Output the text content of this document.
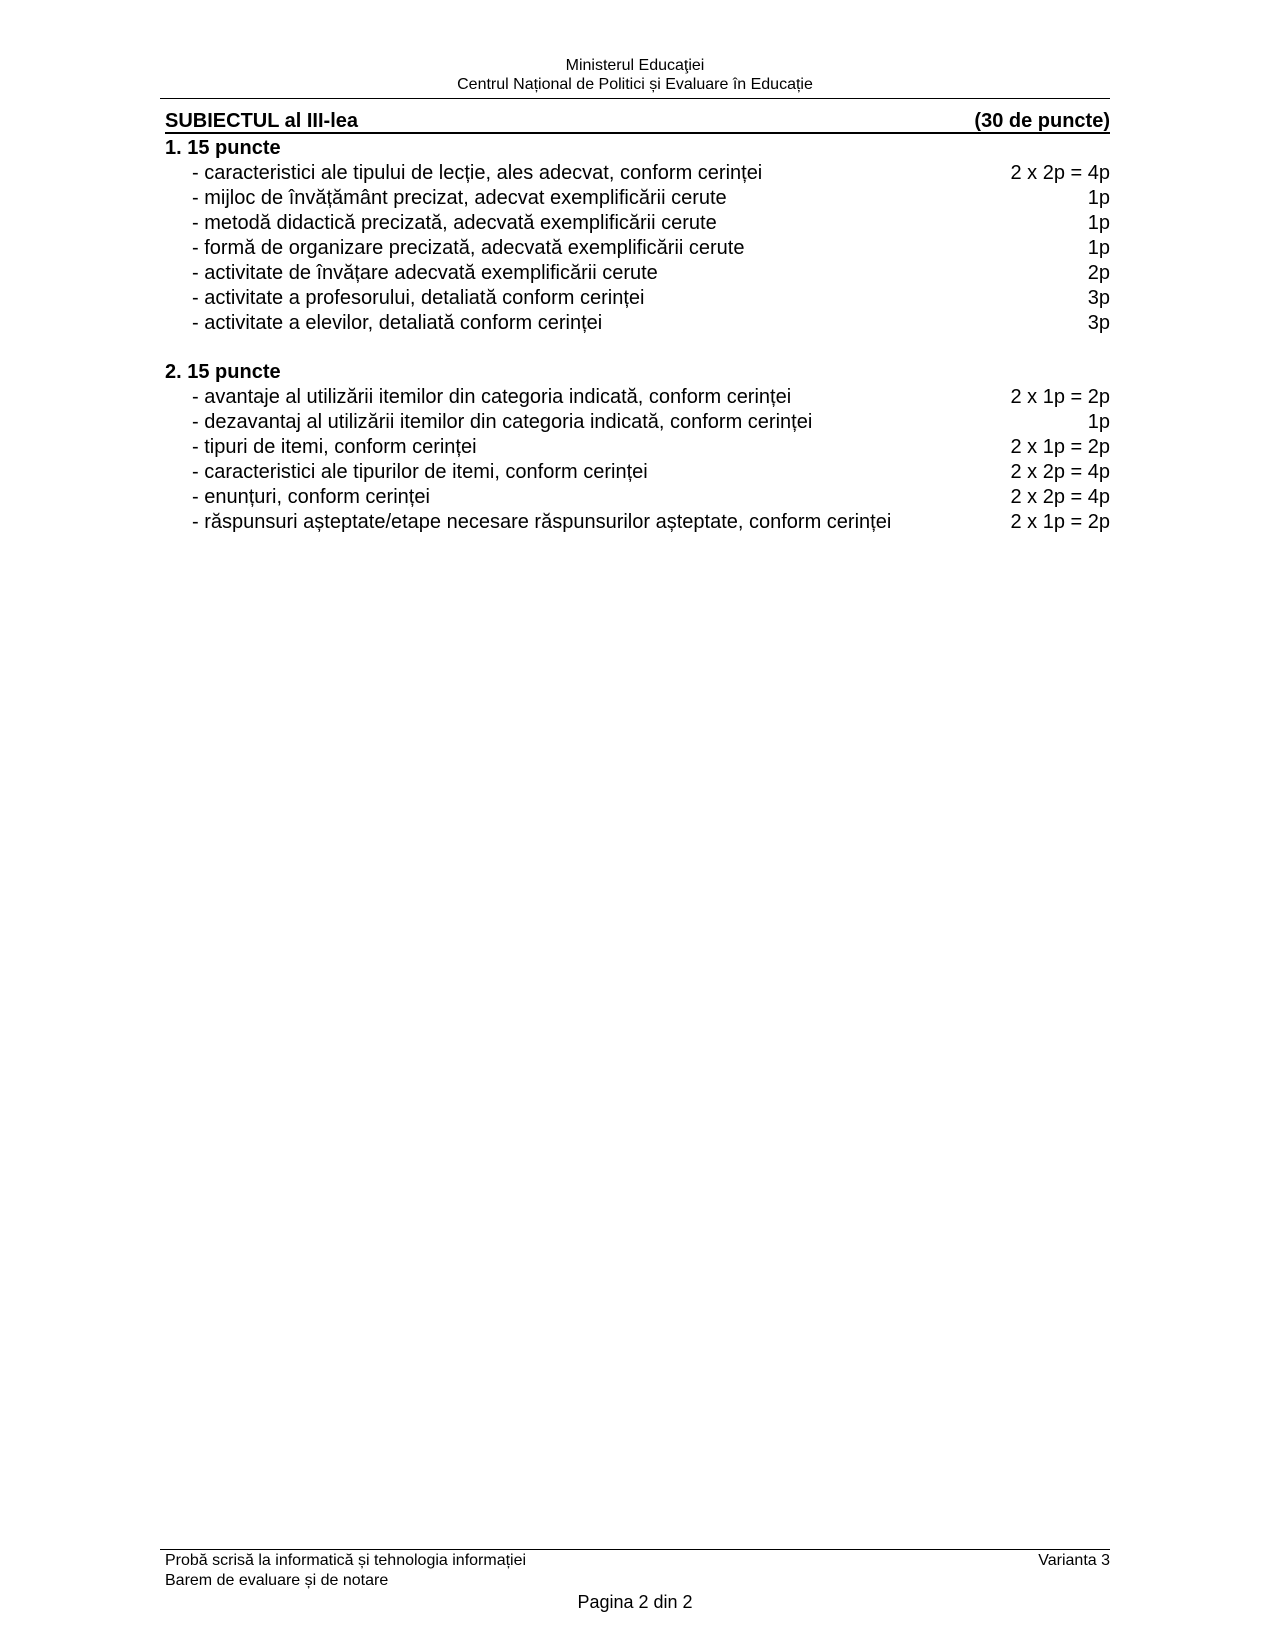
Ministerul Educaţiei
Centrul Național de Politici și Evaluare în Educație
SUBIECTUL al III-lea	(30 de puncte)
1. 15 puncte
- caracteristici ale tipului de lecție, ales adecvat, conform cerinței	2 x 2p = 4p
- mijloc de învățământ precizat, adecvat exemplificării cerute	1p
- metodă didactică precizată, adecvată exemplificării cerute	1p
- formă de organizare precizată, adecvată exemplificării cerute	1p
- activitate de învățare adecvată exemplificării cerute	2p
- activitate a profesorului, detaliată conform cerinței	3p
- activitate a elevilor, detaliată conform cerinței	3p
2. 15 puncte
- avantaje al utilizării itemilor din categoria indicată, conform cerinței	2 x 1p = 2p
- dezavantaj al utilizării itemilor din categoria indicată, conform cerinței	1p
- tipuri de itemi, conform cerinței	2 x 1p = 2p
- caracteristici ale tipurilor de itemi, conform cerinței	2 x 2p = 4p
- enunțuri, conform cerinței	2 x 2p = 4p
- răspunsuri așteptate/etape necesare răspunsurilor așteptate, conform cerinței	2 x 1p = 2p
Probă scrisă la informatică și tehnologia informației	Varianta 3
Barem de evaluare și de notare
Pagina 2 din 2
